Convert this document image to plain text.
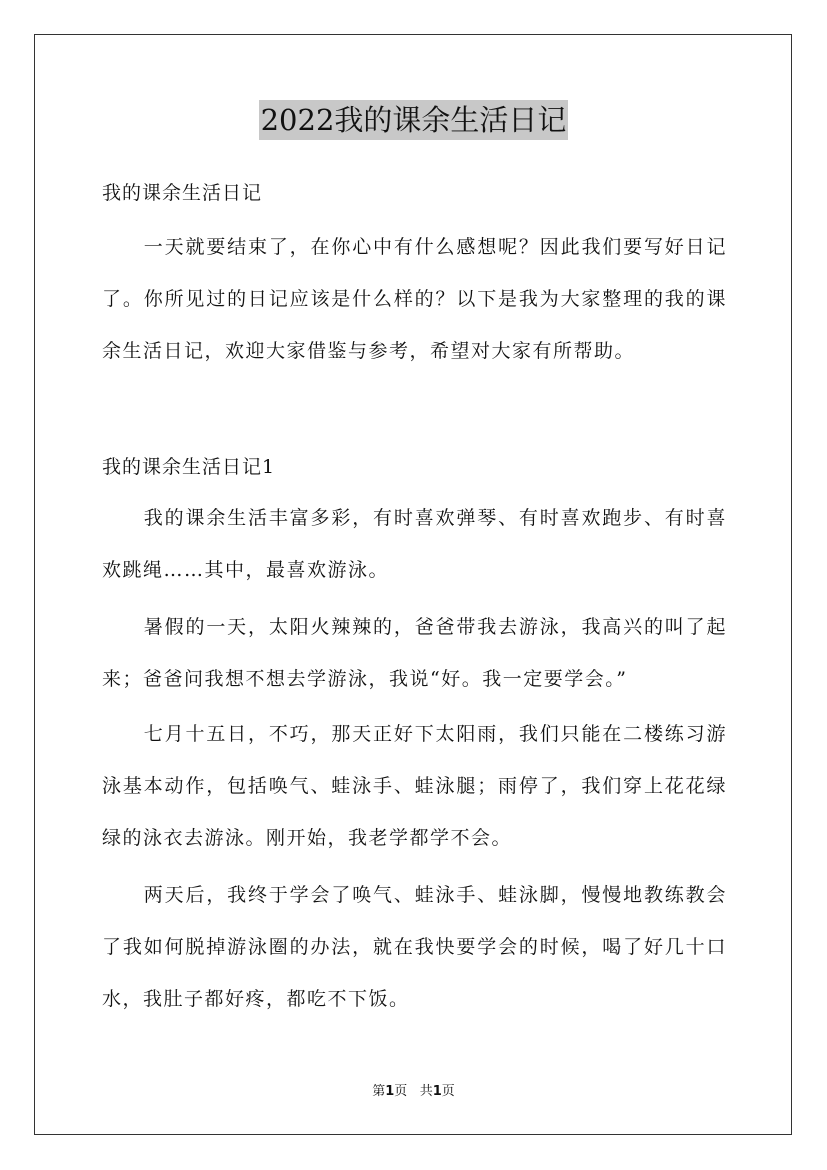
2022我的课余生活日记

我的课余生活日记

一天就要结束了，在你心中有什么感想呢？因此我们要写好日记了。你所见过的日记应该是什么样的？以下是我为大家整理的我的课余生活日记，欢迎大家借鉴与参考，希望对大家有所帮助。

我的课余生活日记1

我的课余生活丰富多彩，有时喜欢弹琴、有时喜欢跑步、有时喜欢跳绳……其中，最喜欢游泳。

暑假的一天，太阳火辣辣的，爸爸带我去游泳，我高兴的叫了起来；爸爸问我想不想去学游泳，我说“好。我一定要学会。”

七月十五日，不巧，那天正好下太阳雨，我们只能在二楼练习游泳基本动作，包括唤气、蛙泳手、蛙泳腿；雨停了，我们穿上花花绿绿的泳衣去游泳。刚开始，我老学都学不会。

两天后，我终于学会了唤气、蛙泳手、蛙泳脚，慢慢地教练教会了我如何脱掉游泳圈的办法，就在我快要学会的时候，喝了好几十口水，我肚子都好疼，都吃不下饭。

第1页 共1页
